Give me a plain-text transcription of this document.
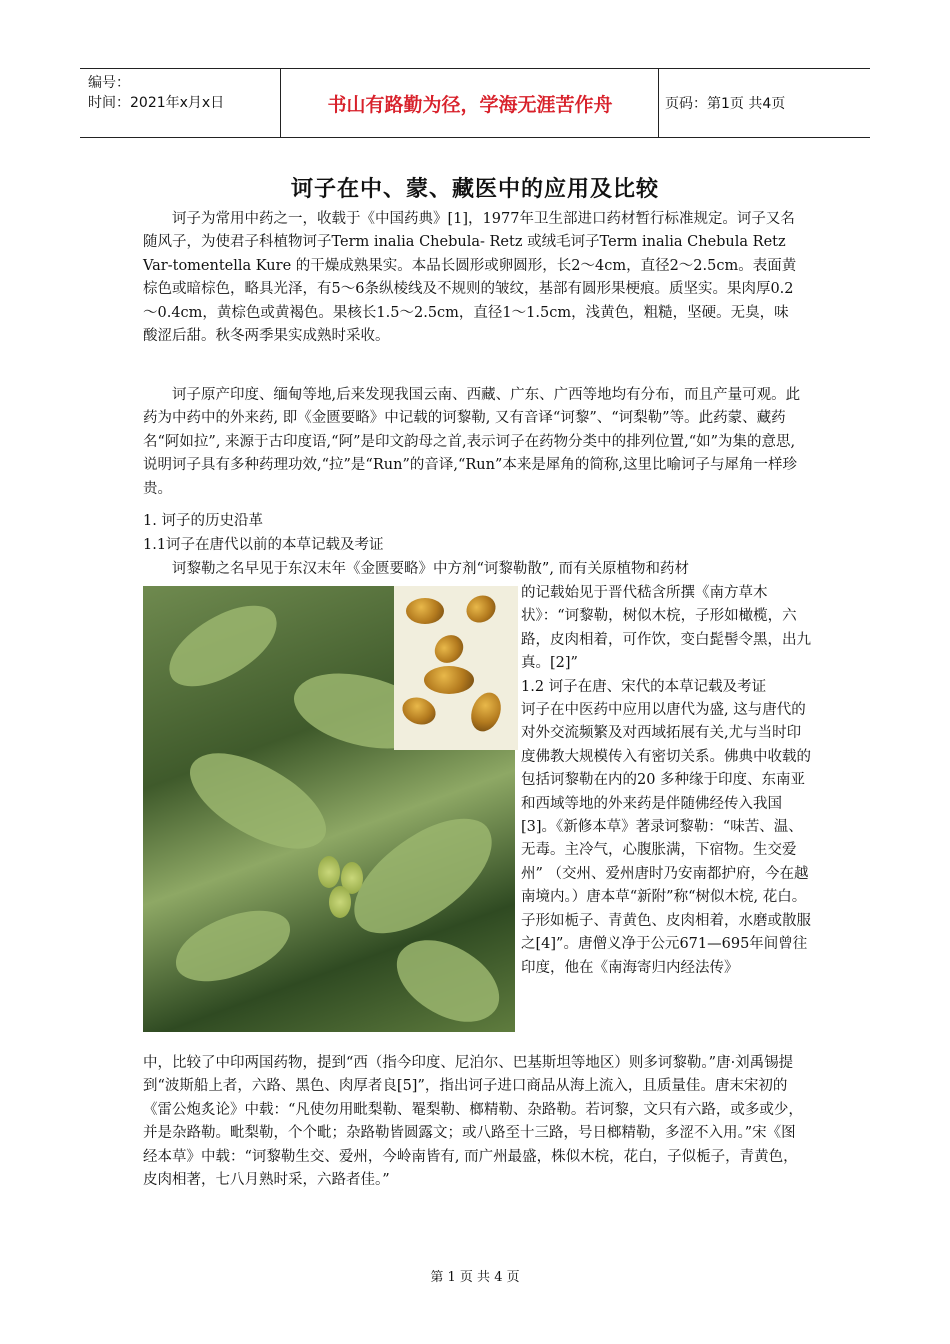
编号：
时间：2021年x月x日	书山有路勤为径，学海无涯苦作舟	页码：第1页 共4页
诃子在中、蒙、藏医中的应用及比较

　　诃子为常用中药之一，收载于《中国药典》[1]，1977年卫生部进口药材暂行标准规定。诃子又名随风子，为使君子科植物诃子Term inalia Chebula- Retz 或绒毛诃子Term inalia Chebula Retz Var-tomentella Kure 的干燥成熟果实。本品长圆形或卵圆形，长2～4cm，直径2～2.5cm。表面黄棕色或暗棕色，略具光泽，有5～6条纵棱线及不规则的皱纹，基部有圆形果梗痕。质坚实。果肉厚0.2～0.4cm，黄棕色或黄褐色。果核长1.5～2.5cm，直径1～1.5cm，浅黄色，粗糙，坚硬。无臭，味酸涩后甜。秋冬两季果实成熟时采收。

　　诃子原产印度、缅甸等地,后来发现我国云南、西藏、广东、广西等地均有分布，而且产量可观。此药为中药中的外来药, 即《金匮要略》中记载的诃黎勒, 又有音译“诃黎”、“诃梨勒”等。此药蒙、藏药名“阿如拉”, 来源于古印度语,“阿”是印文韵母之首,表示诃子在药物分类中的排列位置,“如”为集的意思, 说明诃子具有多种药理功效,“拉”是“Run”的音译,“Run”本来是犀角的简称,这里比喻诃子与犀角一样珍贵。

1. 诃子的历史沿革

1.1诃子在唐代以前的本草记载及考证

　　诃黎勒之名早见于东汉末年《金匮要略》中方剂“诃黎勒散”, 而有关原植物和药材

的记载始见于晋代嵇含所撰《南方草木状》：“诃黎勒，树似木梡，子形如橄榄，六路，皮肉相着，可作饮，变白髭髻令黑，出九真。[2]”
1.2 诃子在唐、宋代的本草记载及考证
诃子在中医药中应用以唐代为盛, 这与唐代的对外交流频繁及对西域拓展有关,尤与当时印度佛教大规模传入有密切关系。佛典中收载的包括诃黎勒在内的20 多种缘于印度、东南亚和西域等地的外来药是伴随佛经传入我国[3]。《新修本草》著录诃黎勒：“味苦、温、无毒。主冷气，心腹胀满，下宿物。生交爱州” （交州、爱州唐时乃安南都护府，今在越南境内。）唐本草“新附”称“树似木梡, 花白。子形如栀子、青黄色、皮肉相着，水磨或散服之[4]”。唐僧义净于公元671—695年间曾往印度，他在《南海寄归内经法传》

中，比较了中印两国药物，提到“西（指今印度、尼泊尔、巴基斯坦等地区）则多诃黎勒。”唐·刘禹锡提到“波斯船上者，六路、黑色、肉厚者良[5]”，指出诃子进口商品从海上流入，且质量佳。唐末宋初的《雷公炮炙论》中载：“凡使勿用毗梨勒、罨梨勒、榔精勒、杂路勒。若诃黎，文只有六路，或多或少，并是杂路勒。毗梨勒，个个毗；杂路勒皆圆露文；或八路至十三路，号日榔精勒，多涩不入用。”宋《图经本草》中载：“诃黎勒生交、爱州，今岭南皆有, 而广州最盛，株似木梡，花白，子似栀子，青黄色，皮肉相著，七八月熟时采，六路者佳。”

第 1 页 共 4 页
